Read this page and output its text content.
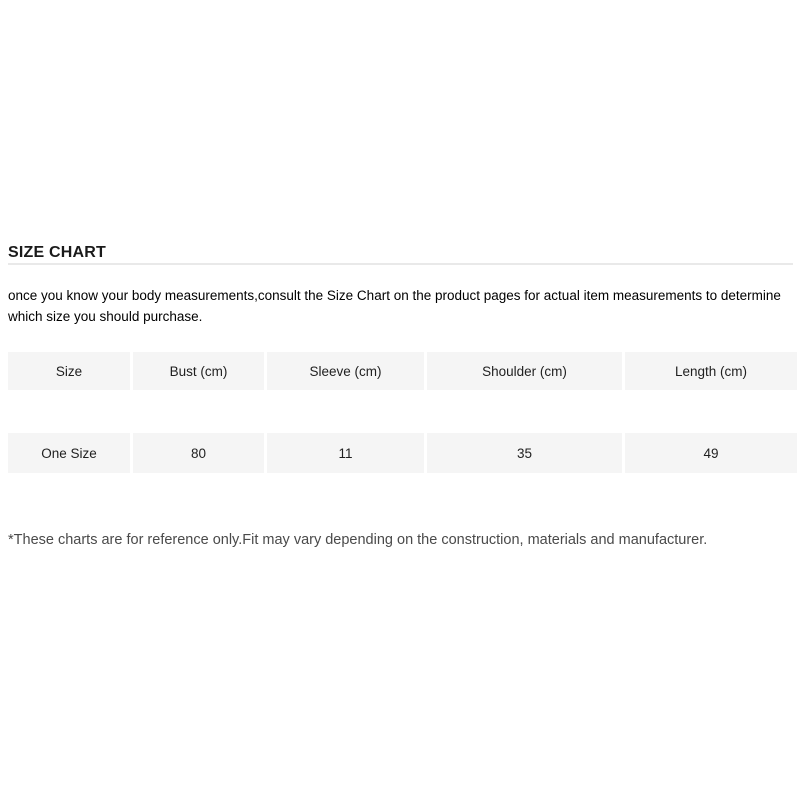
SIZE CHART

once you know your body measurements,consult the Size Chart on the product pages for actual item measurements to determine which size you should purchase.

Size	Bust (cm)	Sleeve (cm)	Shoulder (cm)	Length (cm)
One Size	80	11	35	49

*These charts are for reference only.Fit may vary depending on the construction, materials and manufacturer.
